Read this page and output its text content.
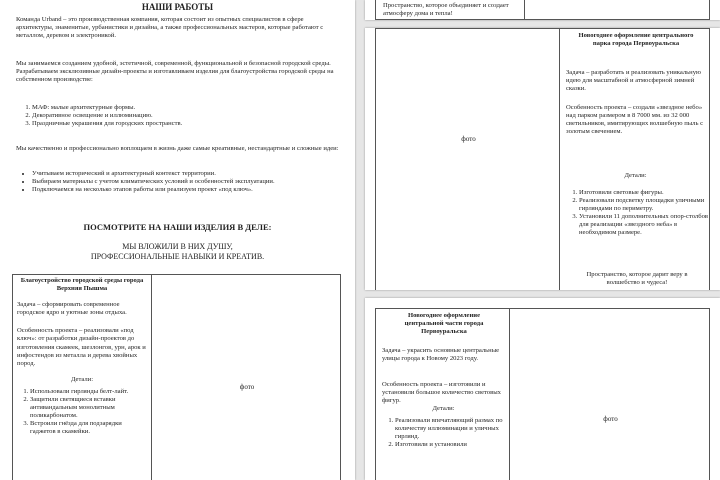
НАШИ РАБОТЫ
Команда Urband – это производственная компания, которая состоит из опытных специалистов в сфере архитектуры, знаменитые, урбанистики и дизайна, а также профессиональных мастеров, которые работают с металлом, деревом и электроникой.
Мы занимаемся созданием удобной, эстетичной, современной, функциональной и безопасной городской среды. Разрабатываем эксклюзивные дизайн-проекты и изготавливаем изделия для благоустройства городской среды на собственном производстве:
1. МАФ: малые архитектурные формы.
2. Декоративное освещение и иллюминацию.
3. Праздничные украшения для городских пространств.
Мы качественно и профессионально воплощаем в жизнь даже самые креативные, нестандартные и сложные идеи:
• Учитываем исторический и архитектурный контекст территории.
• Выбираем материалы с учетом климатических условий и особенностей эксплуатации.
• Подключаемся на несколько этапов работы или реализуем проект «под ключ».
ПОСМОТРИТЕ НА НАШИ ИЗДЕЛИЯ В ДЕЛЕ:
МЫ ВЛОЖИЛИ В НИХ ДУШУ,
ПРОФЕССИОНАЛЬНЫЕ НАВЫКИ И КРЕАТИВ.
Благоустройство городской среды города Верхняя Пышма
Задача – сформировать современное городское ядро и уютные зоны отдыха.
Особенность проекта – реализовали «под ключ»: от разработки дизайн-проектов до изготовления скамеек, шезлонгов, урн, арок и инфостендов из металла и дерева хвойных пород.
Детали:
1. Использовали гирлянды белт-лайт.
2. Защитили светящиеся вставки антивандальным монолитным поликарбонатом.
3. Встроили гнёзда для подзарядки гаджетов в скамейки.
фото
Пространство, которое объединяет и создает атмосферу дома и тепла!
фото
Новогоднее оформление центрального парка города Первоуральска
Задача – разработать и реализовать уникальную идею для масштабной и атмосферной зимней сказки.
Особенность проекта – создали «звездное небо» над парком размером в 8 7000 мм. из 32 000 светильников, имитирующих волшебную пыль с золотым свечением.
Детали:
1. Изготовили световые фигуры.
2. Реализовали подсветку площадки уличными гирляндами по периметру.
3. Установили 11 дополнительных опор-столбов для реализации «звездного неба» в необходимом размере.
Пространство, которое дарит веру в волшебство и чудеса!
Новогоднее оформление центральной части города Первоуральска
Задача – украсить основные центральные улицы города к Новому 2023 году.
Особенность проекта – изготовили и установили большое количество световых фигур.
Детали:
1. Реализовали впечатляющий размах по количеству иллюминации и уличных гирлянд.
2. Изготовили и установили
фото
